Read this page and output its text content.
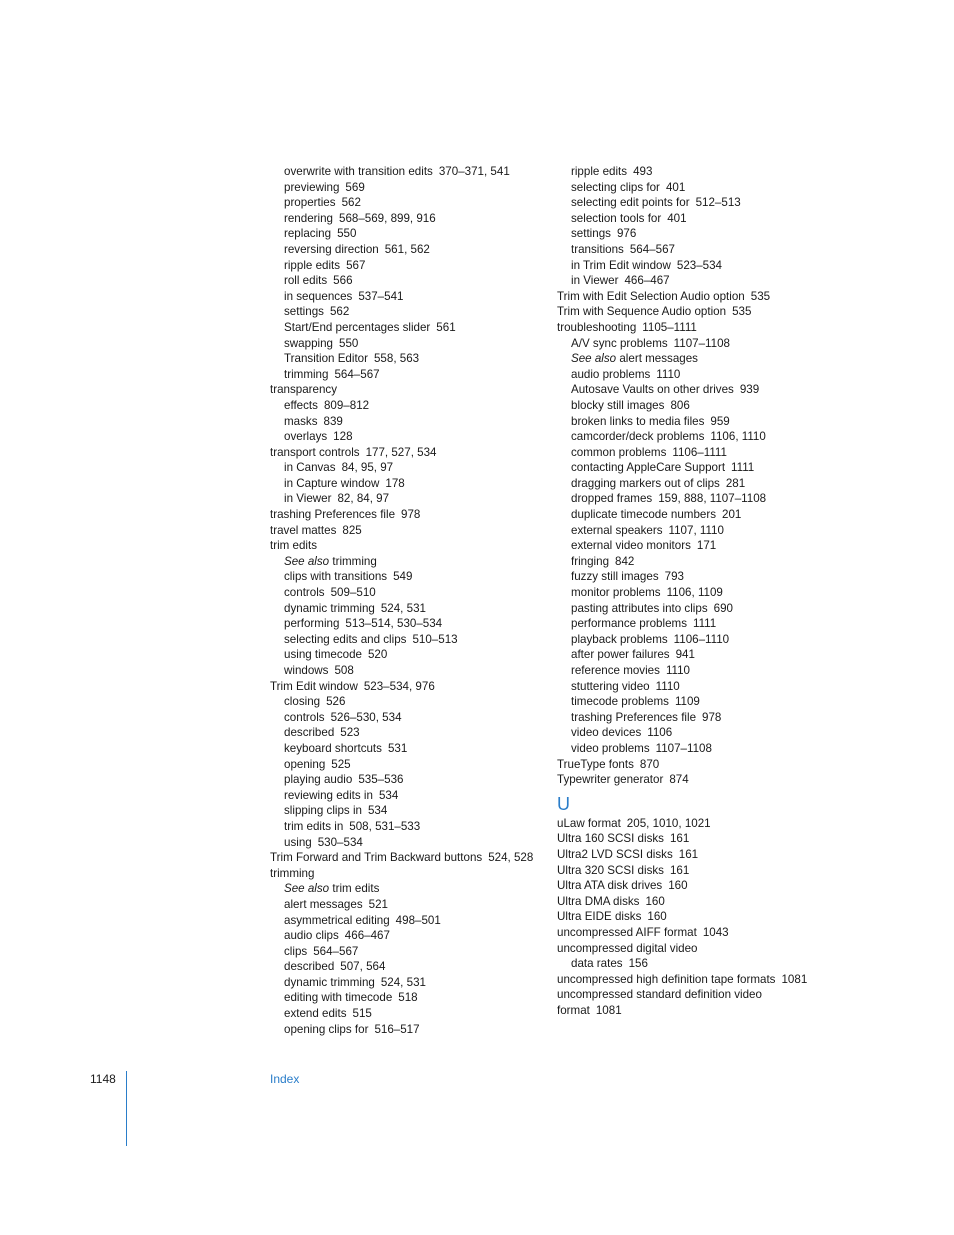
overwrite with transition edits 370–371, 541
previewing 569
properties 562
rendering 568–569, 899, 916
replacing 550
reversing direction 561, 562
ripple edits 567
roll edits 566
in sequences 537–541
settings 562
Start/End percentages slider 561
swapping 550
Transition Editor 558, 563
trimming 564–567
transparency
effects 809–812
masks 839
overlays 128
transport controls 177, 527, 534
in Canvas 84, 95, 97
in Capture window 178
in Viewer 82, 84, 97
trashing Preferences file 978
travel mattes 825
trim edits
See also trimming
clips with transitions 549
controls 509–510
dynamic trimming 524, 531
performing 513–514, 530–534
selecting edits and clips 510–513
using timecode 520
windows 508
Trim Edit window 523–534, 976
closing 526
controls 526–530, 534
described 523
keyboard shortcuts 531
opening 525
playing audio 535–536
reviewing edits in 534
slipping clips in 534
trim edits in 508, 531–533
using 530–534
Trim Forward and Trim Backward buttons 524, 528
trimming
See also trim edits
alert messages 521
asymmetrical editing 498–501
audio clips 466–467
clips 564–567
described 507, 564
dynamic trimming 524, 531
editing with timecode 518
extend edits 515
opening clips for 516–517
ripple edits 493
selecting clips for 401
selecting edit points for 512–513
selection tools for 401
settings 976
transitions 564–567
in Trim Edit window 523–534
in Viewer 466–467
Trim with Edit Selection Audio option 535
Trim with Sequence Audio option 535
troubleshooting 1105–1111
A/V sync problems 1107–1108
See also alert messages
audio problems 1110
Autosave Vaults on other drives 939
blocky still images 806
broken links to media files 959
camcorder/deck problems 1106, 1110
common problems 1106–1111
contacting AppleCare Support 1111
dragging markers out of clips 281
dropped frames 159, 888, 1107–1108
duplicate timecode numbers 201
external speakers 1107, 1110
external video monitors 171
fringing 842
fuzzy still images 793
monitor problems 1106, 1109
pasting attributes into clips 690
performance problems 1111
playback problems 1106–1110
after power failures 941
reference movies 1110
stuttering video 1110
timecode problems 1109
trashing Preferences file 978
video devices 1106
video problems 1107–1108
TrueType fonts 870
Typewriter generator 874
U
uLaw format 205, 1010, 1021
Ultra 160 SCSI disks 161
Ultra2 LVD SCSI disks 161
Ultra 320 SCSI disks 161
Ultra ATA disk drives 160
Ultra DMA disks 160
Ultra EIDE disks 160
uncompressed AIFF format 1043
uncompressed digital video
data rates 156
uncompressed high definition tape formats 1081
uncompressed standard definition video
format 1081
1148	Index
